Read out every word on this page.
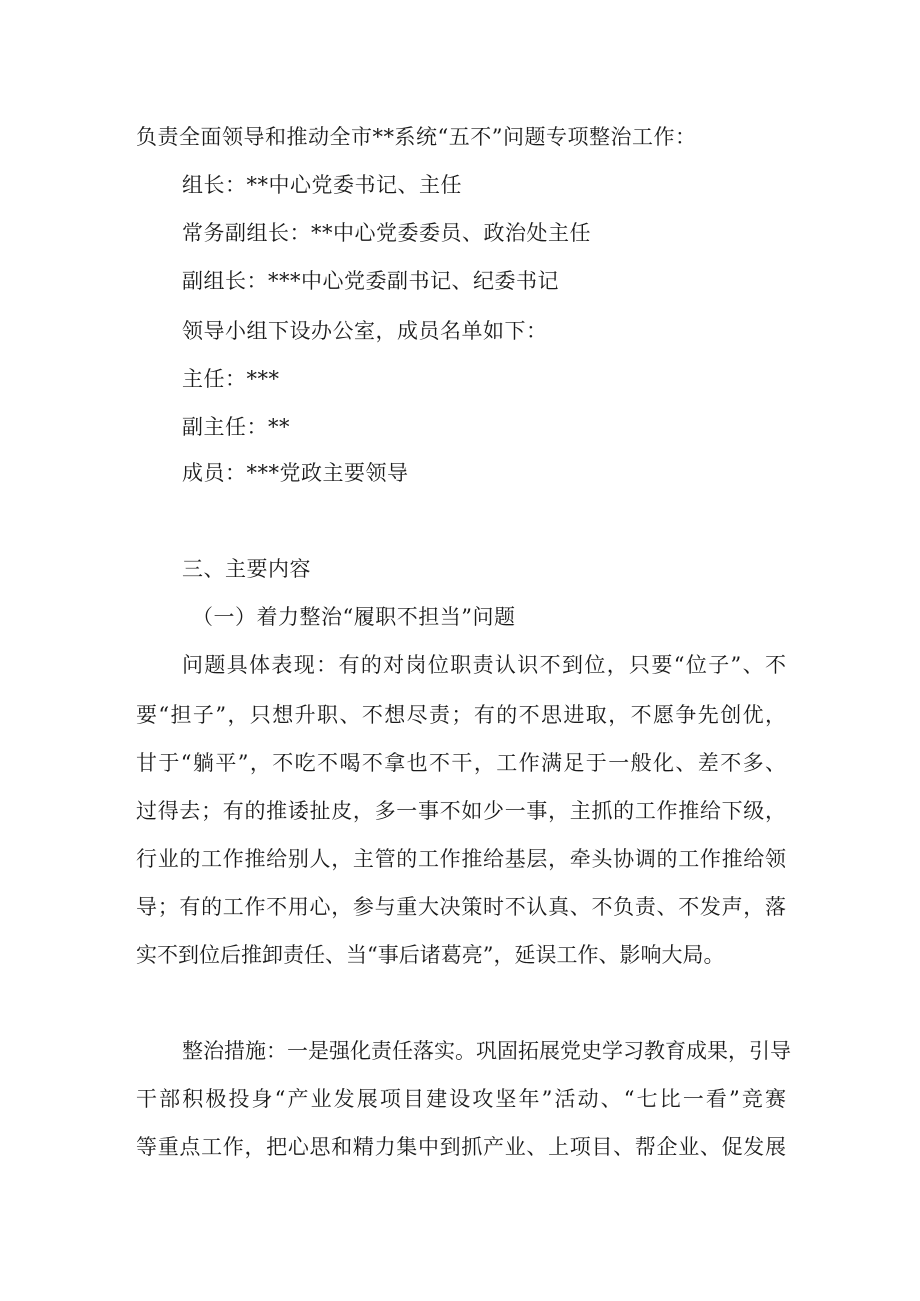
负责全面领导和推动全市**系统“五不”问题专项整治工作：
组长：**中心党委书记、主任
常务副组长：**中心党委委员、政治处主任
副组长：***中心党委副书记、纪委书记
领导小组下设办公室，成员名单如下：
主任：***
副主任：**
成员：***党政主要领导
三、主要内容
（一）着力整治“履职不担当”问题
问题具体表现：有的对岗位职责认识不到位，只要“位子”、不
要“担子”，只想升职、不想尽责；有的不思进取，不愿争先创优，
甘于“躺平”，不吃不喝不拿也不干，工作满足于一般化、差不多、
过得去；有的推诿扯皮，多一事不如少一事，主抓的工作推给下级，
行业的工作推给别人，主管的工作推给基层，牵头协调的工作推给领
导；有的工作不用心，参与重大决策时不认真、不负责、不发声，落
实不到位后推卸责任、当“事后诸葛亮”，延误工作、影响大局。
整治措施：一是强化责任落实。巩固拓展党史学习教育成果，引导
干部积极投身“产业发展项目建设攻坚年”活动、“七比一看”竞赛
等重点工作，把心思和精力集中到抓产业、上项目、帮企业、促发展
